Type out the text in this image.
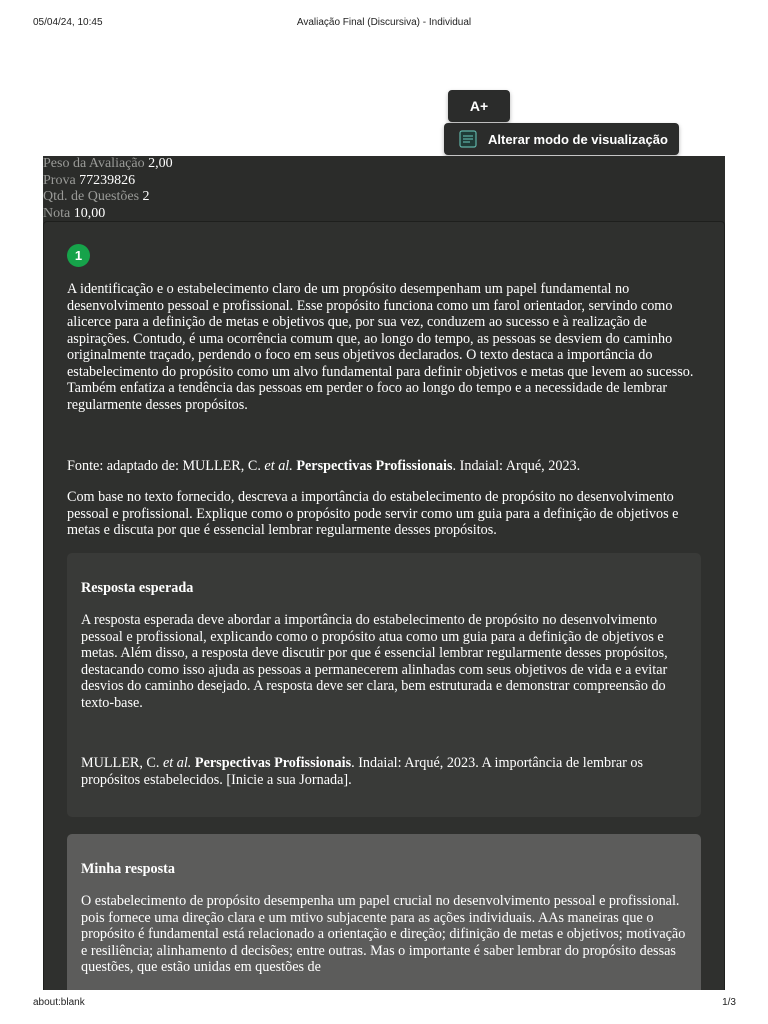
05/04/24, 10:45	Avaliação Final (Discursiva) - Individual
A+
Alterar modo de visualização
Peso da Avaliação 2,00
Prova 77239826
Qtd. de Questões 2
Nota 10,00
1
A identificação e o estabelecimento claro de um propósito desempenham um papel fundamental no desenvolvimento pessoal e profissional. Esse propósito funciona como um farol orientador, servindo como alicerce para a definição de metas e objetivos que, por sua vez, conduzem ao sucesso e à realização de aspirações. Contudo, é uma ocorrência comum que, ao longo do tempo, as pessoas se desviem do caminho originalmente traçado, perdendo o foco em seus objetivos declarados. O texto destaca a importância do estabelecimento do propósito como um alvo fundamental para definir objetivos e metas que levem ao sucesso. Também enfatiza a tendência das pessoas em perder o foco ao longo do tempo e a necessidade de lembrar regularmente desses propósitos.
Fonte: adaptado de: MULLER, C. et al. Perspectivas Profissionais. Indaial: Arqué, 2023.
Com base no texto fornecido, descreva a importância do estabelecimento de propósito no desenvolvimento pessoal e profissional. Explique como o propósito pode servir como um guia para a definição de objetivos e metas e discuta por que é essencial lembrar regularmente desses propósitos.
Resposta esperada
A resposta esperada deve abordar a importância do estabelecimento de propósito no desenvolvimento pessoal e profissional, explicando como o propósito atua como um guia para a definição de objetivos e metas. Além disso, a resposta deve discutir por que é essencial lembrar regularmente desses propósitos, destacando como isso ajuda as pessoas a permanecerem alinhadas com seus objetivos de vida e a evitar desvios do caminho desejado. A resposta deve ser clara, bem estruturada e demonstrar compreensão do texto-base.
MULLER, C. et al. Perspectivas Profissionais. Indaial: Arqué, 2023. A importância de lembrar os propósitos estabelecidos. [Inicie a sua Jornada].
Minha resposta
O estabelecimento de propósito desempenha um papel crucial no desenvolvimento pessoal e profissional. pois fornece uma direção clara e um mtivo subjacente para as ações individuais. AAs maneiras que o propósito é fundamental está relacionado a orientação e direção; difinição de metas e objetivos; motivação e resiliência; alinhamento d decisões; entre outras. Mas o importante é saber lembrar do propósito dessas questões, que estão unidas em questões de
about:blank	1/3
